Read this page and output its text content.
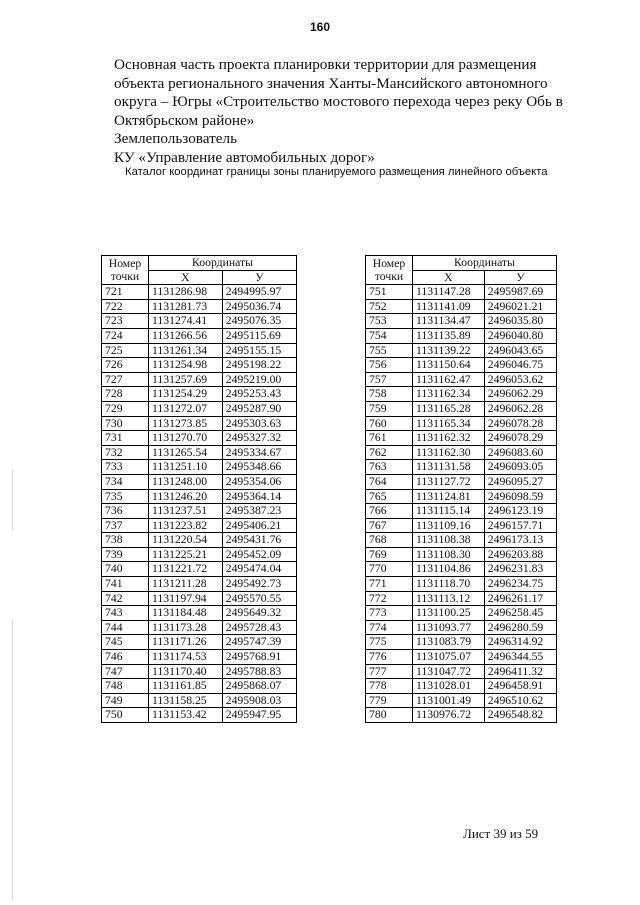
160
Основная часть проекта планировки территории для размещения
объекта регионального значения Ханты-Мансийского автономного
округа – Югры «Строительство мостового перехода через реку Обь в
Октябрьском районе»
Землепользователь
КУ «Управление автомобильных дорог»
Каталог координат границы зоны планируемого размещения линейного объекта
Номер
точки	Координаты	
	X	У
721	1131286.98	2494995.97
722	1131281.73	2495036.74
723	1131274.41	2495076.35
724	1131266.56	2495115.69
725	1131261.34	2495155.15
726	1131254.98	2495198.22
727	1131257.69	2495219.00
728	1131254.29	2495253.43
729	1131272.07	2495287.90
730	1131273.85	2495303.63
731	1131270.70	2495327.32
732	1131265.54	2495334.67
733	1131251.10	2495348.66
734	1131248.00	2495354.06
735	1131246.20	2495364.14
736	1131237.51	2495387.23
737	1131223.82	2495406.21
738	1131220.54	2495431.76
739	1131225.21	2495452.09
740	1131221.72	2495474.04
741	1131211.28	2495492.73
742	1131197.94	2495570.55
743	1131184.48	2495649.32
744	1131173.28	2495728.43
745	1131171.26	2495747.39
746	1131174.53	2495768.91
747	1131170.40	2495788.83
748	1131161.85	2495868.07
749	1131158.25	2495908.03
750	1131153.42	2495947.95
Номер
точки	Координаты	
	X	У
751	1131147.28	2495987.69
752	1131141.09	2496021.21
753	1131134.47	2496035.80
754	1131135.89	2496040.80
755	1131139.22	2496043.65
756	1131150.64	2496046.75
757	1131162.47	2496053.62
758	1131162.34	2496062.29
759	1131165.28	2496062.28
760	1131165.34	2496078.28
761	1131162.32	2496078.29
762	1131162.30	2496083.60
763	1131131.58	2496093.05
764	1131127.72	2496095.27
765	1131124.81	2496098.59
766	1131115.14	2496123.19
767	1131109.16	2496157.71
768	1131108.38	2496173.13
769	1131108.30	2496203.88
770	1131104.86	2496231.83
771	1131118.70	2496234.75
772	1131113.12	2496261.17
773	1131100.25	2496258.45
774	1131093.77	2496280.59
775	1131083.79	2496314.92
776	1131075.07	2496344.55
777	1131047.72	2496411.32
778	1131028.01	2496458.91
779	1131001.49	2496510.62
780	1130976.72	2496548.82
Лист 39 из 59
